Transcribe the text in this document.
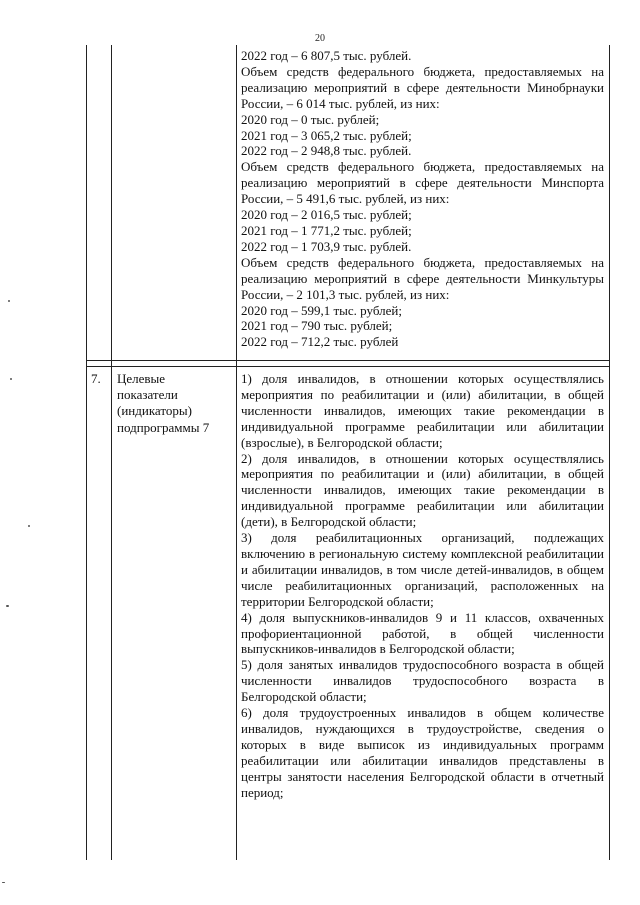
20

2022 год – 6 807,5 тыс. рублей.

Объем средств федерального бюджета, предоставляемых на реализацию мероприятий в сфере деятельности Минобрнауки России, – 6 014 тыс. рублей, из них:

2020 год – 0 тыс. рублей;

2021 год – 3 065,2 тыс. рублей;

2022 год – 2 948,8 тыс. рублей.

Объем средств федерального бюджета, предоставляемых на реализацию мероприятий в сфере деятельности Минспорта России, – 5 491,6 тыс. рублей, из них:

2020 год – 2 016,5 тыс. рублей;

2021 год – 1 771,2 тыс. рублей;

2022 год – 1 703,9 тыс. рублей.

Объем средств федерального бюджета, предоставляемых на реализацию мероприятий в сфере деятельности Минкультуры России, – 2 101,3 тыс. рублей, из них:

2020 год – 599,1 тыс. рублей;

2021 год – 790 тыс. рублей;

2022 год – 712,2 тыс. рублей

7. Целевые

показатели

(индикаторы)

подпрограммы 7

1) доля инвалидов, в отношении которых осуществлялись мероприятия по реабилитации и (или) абилитации, в общей численности инвалидов, имеющих такие рекомендации в индивидуальной программе реабилитации или абилитации (взрослые), в Белгородской области;

2) доля инвалидов, в отношении которых осуществлялись мероприятия по реабилитации и (или) абилитации, в общей численности инвалидов, имеющих такие рекомендации в индивидуальной программе реабилитации или абилитации (дети), в Белгородской области;

3) доля реабилитационных организаций, подлежащих включению в региональную систему комплексной реабилитации и абилитации инвалидов, в том числе детей-инвалидов, в общем числе реабилитационных организаций, расположенных на территории Белгородской области;

4) доля выпускников-инвалидов 9 и 11 классов, охваченных профориентационной работой, в общей численности выпускников-инвалидов в Белгородской области;

5) доля занятых инвалидов трудоспособного возраста в общей численности инвалидов трудоспособного возраста в Белгородской области;

6) доля трудоустроенных инвалидов в общем количестве инвалидов, нуждающихся в трудоустройстве, сведения о которых в виде выписок из индивидуальных программ реабилитации или абилитации инвалидов представлены в центры занятости населения Белгородской области в отчетный период;
